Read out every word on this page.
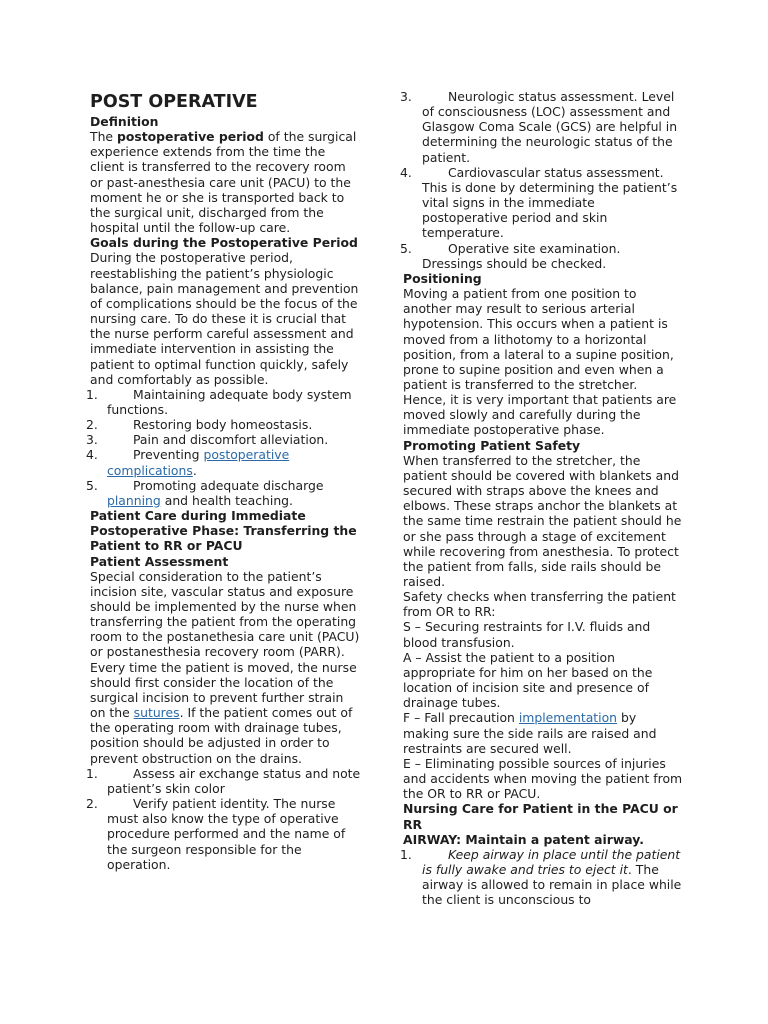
POST OPERATIVE
Definition

The postoperative period of the surgical experience extends from the time the client is transferred to the recovery room or past-anesthesia care unit (PACU) to the moment he or she is transported back to the surgical unit, discharged from the hospital until the follow-up care.

Goals during the Postoperative Period

During the postoperative period, reestablishing the patient’s physiologic balance, pain management and prevention of complications should be the focus of the nursing care. To do these it is crucial that the nurse perform careful assessment and immediate intervention in assisting the patient to optimal function quickly, safely and comfortably as possible.

1.	Maintaining adequate body system functions.
2.	Restoring body homeostasis.
3.	Pain and discomfort alleviation.
4.	Preventing postoperative complications.
5.	Promoting adequate discharge planning and health teaching.
Patient Care during Immediate Postoperative Phase: Transferring the Patient to RR or PACU
Patient Assessment

Special consideration to the patient’s incision site, vascular status and exposure should be implemented by the nurse when transferring the patient from the operating room to the postanethesia care unit (PACU) or postanesthesia recovery room (PARR). Every time the patient is moved, the nurse should first consider the location of the surgical incision to prevent further strain on the sutures. If the patient comes out of the operating room with drainage tubes, position should be adjusted in order to prevent obstruction on the drains.

1.	Assess air exchange status and note patient’s skin color
2.	Verify patient identity. The nurse must also know the type of operative procedure performed and the name of the surgeon responsible for the operation.
3.	Neurologic status assessment. Level of consciousness (LOC) assessment and Glasgow Coma Scale (GCS) are helpful in determining the neurologic status of the patient.
4.	Cardiovascular status assessment. This is done by determining the patient’s vital signs in the immediate postoperative period and skin temperature.
5.	Operative site examination. Dressings should be checked.
Positioning

Moving a patient from one position to another may result to serious arterial hypotension. This occurs when a patient is moved from a lithotomy to a horizontal position, from a lateral to a supine position, prone to supine position and even when a patient is transferred to the stretcher. Hence, it is very important that patients are moved slowly and carefully during the immediate postoperative phase.

Promoting Patient Safety

When transferred to the stretcher, the patient should be covered with blankets and secured with straps above the knees and elbows. These straps anchor the blankets at the same time restrain the patient should he or she pass through a stage of excitement while recovering from anesthesia. To protect the patient from falls, side rails should be raised.

Safety checks when transferring the patient from OR to RR:

S – Securing restraints for I.V. fluids and blood transfusion.

A – Assist the patient to a position appropriate for him on her based on the location of incision site and presence of drainage tubes.

F – Fall precaution implementation by making sure the side rails are raised and restraints are secured well.

E – Eliminating possible sources of injuries and accidents when moving the patient from the OR to RR or PACU.

Nursing Care for Patient in the PACU or RR
AIRWAY: Maintain a patent airway.
1.	Keep airway in place until the patient is fully awake and tries to eject it. The airway is allowed to remain in place while the client is unconscious to
